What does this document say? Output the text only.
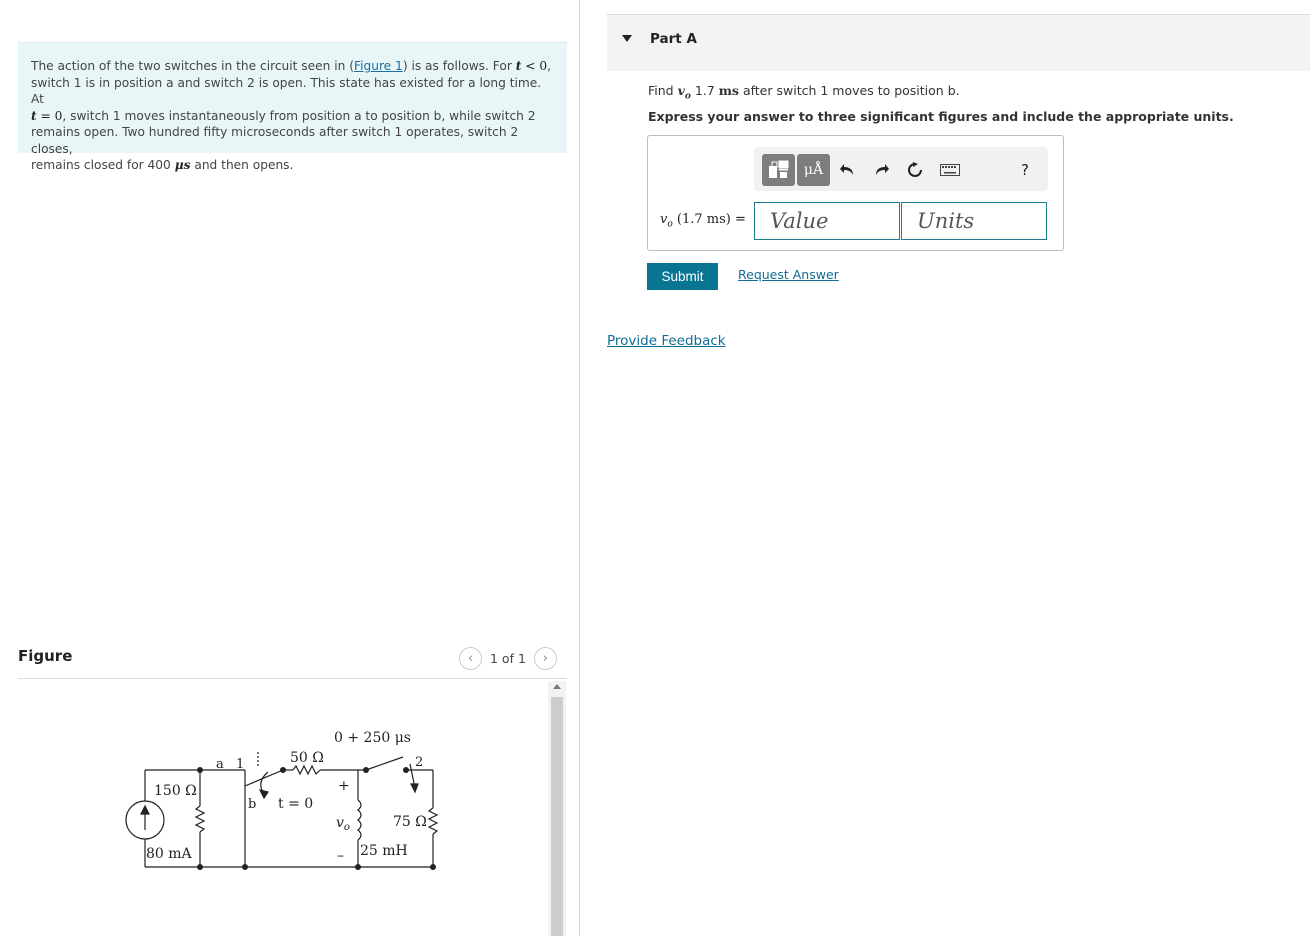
The action of the two switches in the circuit seen in (Figure 1) is as follows. For t < 0,
switch 1 is in position a and switch 2 is open. This state has existed for a long time. At
t = 0, switch 1 moves instantaneously from position a to position b, while switch 2
remains open. Two hundred fifty microseconds after switch 1 operates, switch 2 closes,
remains closed for 400 μs and then opens.
Figure	‹	1 of 1	›
50 Ω
150 Ω
80 mA	25 mH
75 Ω
0 + 250 μs
a 1
b t = 0
2
+
$v_o$
–
Part A
Find $v_o$ 1.7 ms after switch 1 moves to position b.
Express your answer to three significant figures and include the appropriate units.
μÅ	?
$v_o$ (1.7 ms) =
Value
Units
Submit	Request Answer
Provide Feedback
